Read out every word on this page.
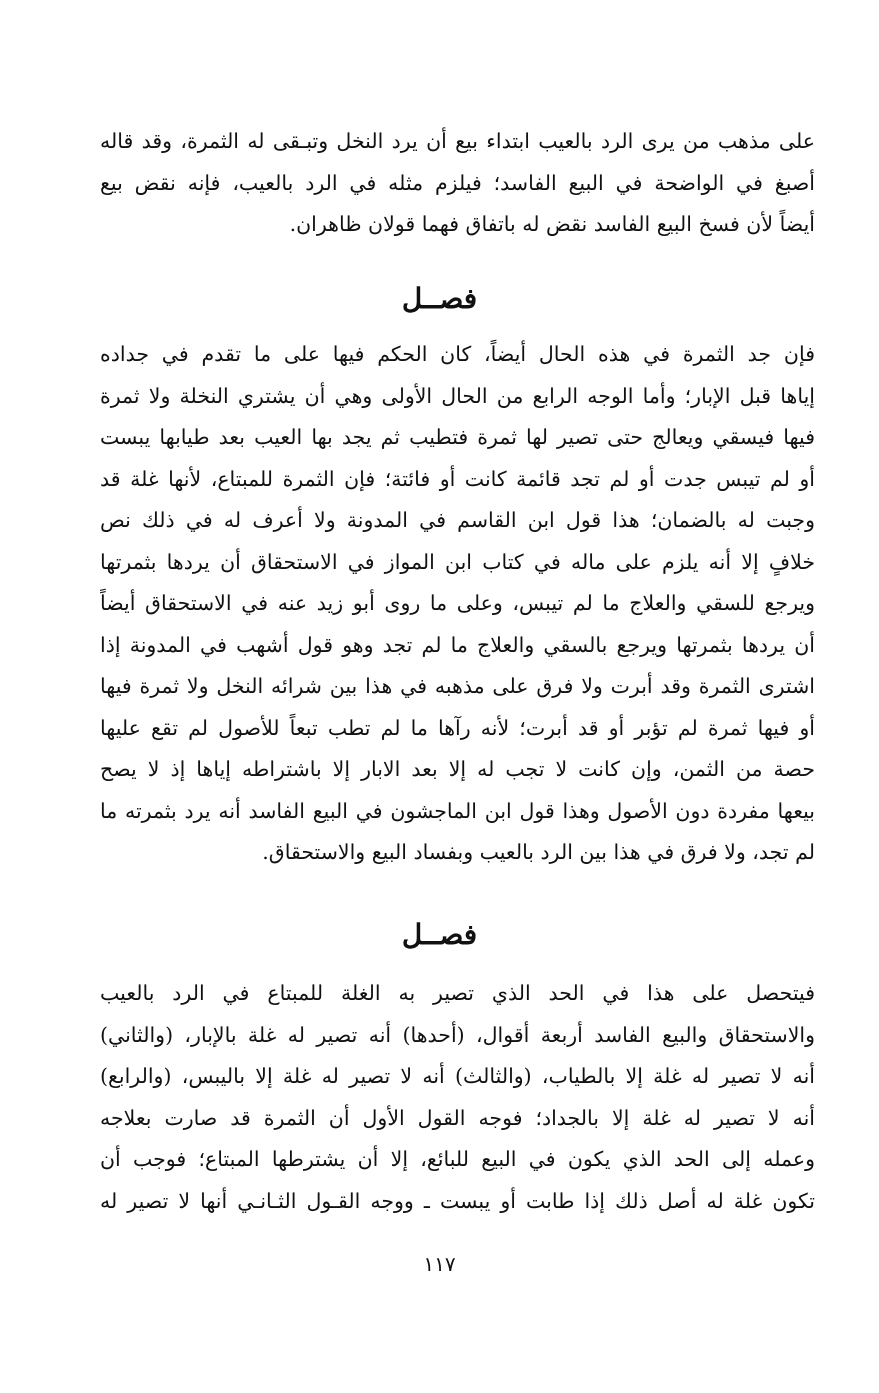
على مذهب من يرى الرد بالعيب ابتداء بيع أن يرد النخل وتبـقى له الثمرة، وقد قاله
أصبغ في الواضحة في البيع الفاسد؛ فيلزم مثله في الرد بالعيب، فإنه نقض بيع
أيضاً لأن فسخ البيع الفاسد نقض له باتفاق فهما قولان ظاهران.
فصــل
فإن جد الثمرة في هذه الحال أيضاً، كان الحكم فيها على ما تقدم في جداده
إياها قبل الإبار؛ وأما الوجه الرابع من الحال الأولى وهي أن يشتري النخلة ولا ثمرة
فيها فيسقي ويعالج حتى تصير لها ثمرة فتطيب ثم يجد بها العيب بعد طيابها يبست
أو لم تيبس جدت أو لم تجد قائمة كانت أو فائتة؛ فإن الثمرة للمبتاع، لأنها غلة قد
وجبت له بالضمان؛ هذا قول ابن القاسم في المدونة ولا أعرف له في ذلك نص
خلافٍ إلا أنه يلزم على ماله في كتاب ابن المواز في الاستحقاق أن يردها بثمرتها
ويرجع للسقي والعلاج ما لم تيبس، وعلى ما روى أبو زيد عنه في الاستحقاق أيضاً
أن يردها بثمرتها ويرجع بالسقي والعلاج ما لم تجد وهو قول أشهب في المدونة إذا
اشترى الثمرة وقد أبرت ولا فرق على مذهبه في هذا بين شرائه النخل ولا ثمرة فيها
أو فيها ثمرة لم تؤبر أو قد أبرت؛ لأنه رآها ما لم تطب تبعاً للأصول لم تقع عليها
حصة من الثمن، وإن كانت لا تجب له إلا بعد الابار إلا باشتراطه إياها إذ لا يصح
بيعها مفردة دون الأصول وهذا قول ابن الماجشون في البيع الفاسد أنه يرد بثمرته ما
لم تجد، ولا فرق في هذا بين الرد بالعيب وبفساد البيع والاستحقاق.
فصــل
فيتحصل على هذا في الحد الذي تصير به الغلة للمبتاع في الرد بالعيب
والاستحقاق والبيع الفاسد أربعة أقوال، (أحدها) أنه تصير له غلة بالإبار، (والثاني)
أنه لا تصير له غلة إلا بالطياب، (والثالث) أنه لا تصير له غلة إلا باليبس، (والرابع)
أنه لا تصير له غلة إلا بالجداد؛ فوجه القول الأول أن الثمرة قد صارت بعلاجه
وعمله إلى الحد الذي يكون في البيع للبائع، إلا أن يشترطها المبتاع؛ فوجب أن
تكون غلة له أصل ذلك إذا طابت أو يبست ـ ووجه القـول الثـانـي أنها لا تصير له
١١٧
